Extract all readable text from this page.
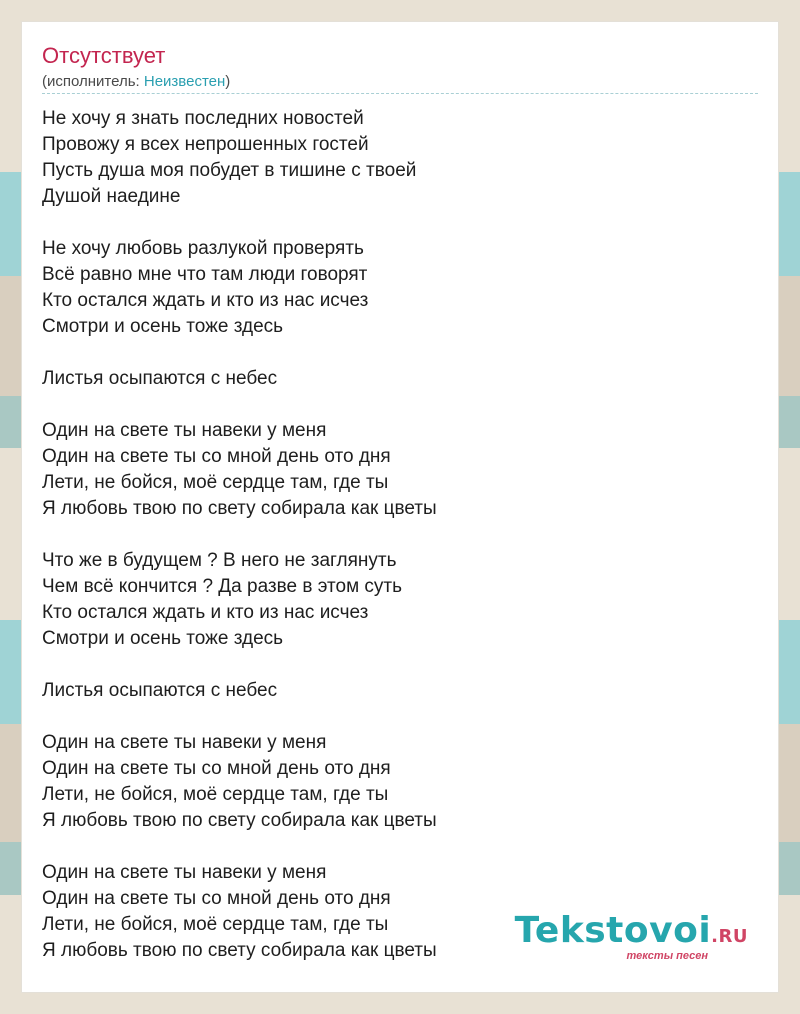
Отсутствует
(исполнитель: Неизвестен)
Не хочу я знать последних новостей
Провожу я всех непрошенных гостей
Пусть душа моя побудет в тишине с твоей
Душой наедине
Не хочу любовь разлукой проверять
Всё равно мне что там люди говорят
Кто остался ждать и кто из нас исчез
Смотри и осень тоже здесь
Листья осыпаются с небес
Один на свете ты навеки у меня
Один на свете ты со мной день ото дня
Лети, не бойся, моё сердце там, где ты
Я любовь твою по свету собирала как цветы
Что же в будущем ? В него не заглянуть
Чем всё кончится ? Да разве в этом суть
Кто остался ждать и кто из нас исчез
Смотри и осень тоже здесь
Листья осыпаются с небес
Один на свете ты навеки у меня
Один на свете ты со мной день ото дня
Лети, не бойся, моё сердце там, где ты
Я любовь твою по свету собирала как цветы
Один на свете ты навеки у меня
Один на свете ты со мной день ото дня
Лети, не бойся, моё сердце там, где ты
Я любовь твою по свету собирала как цветы	Tekstovoi.RU
тексты песен
